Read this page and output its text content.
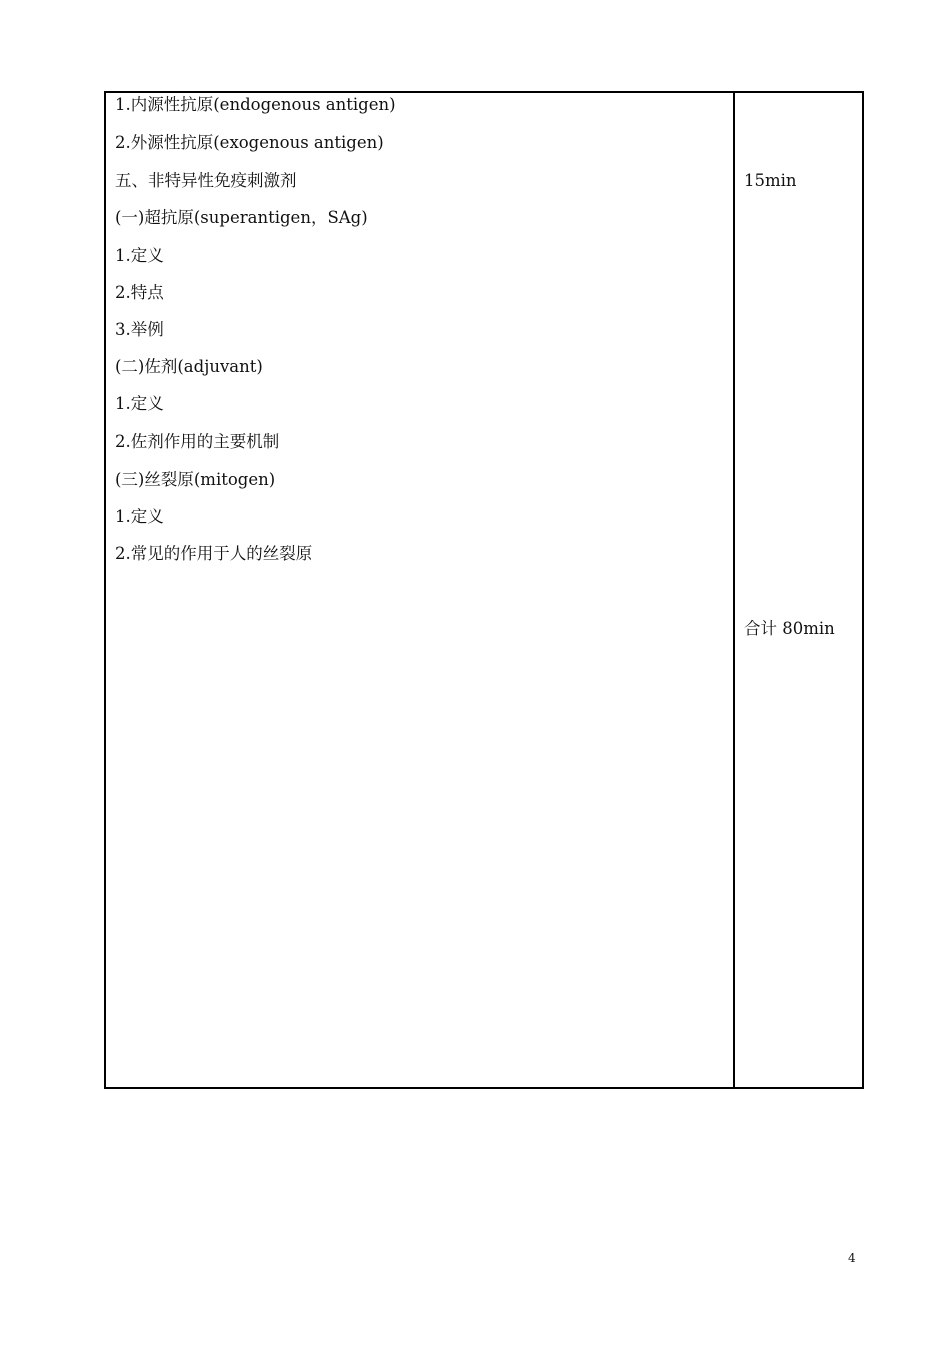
1.内源性抗原(endogenous antigen)
2.外源性抗原(exogenous antigen)
五、非特异性免疫刺激剂
(一)超抗原(superantigen，SAg)
1.定义
2.特点
3.举例
(二)佐剂(adjuvant)
1.定义
2.佐剂作用的主要机制
(三)丝裂原(mitogen)
1.定义
2.常见的作用于人的丝裂原
15min
合计 80min
4
